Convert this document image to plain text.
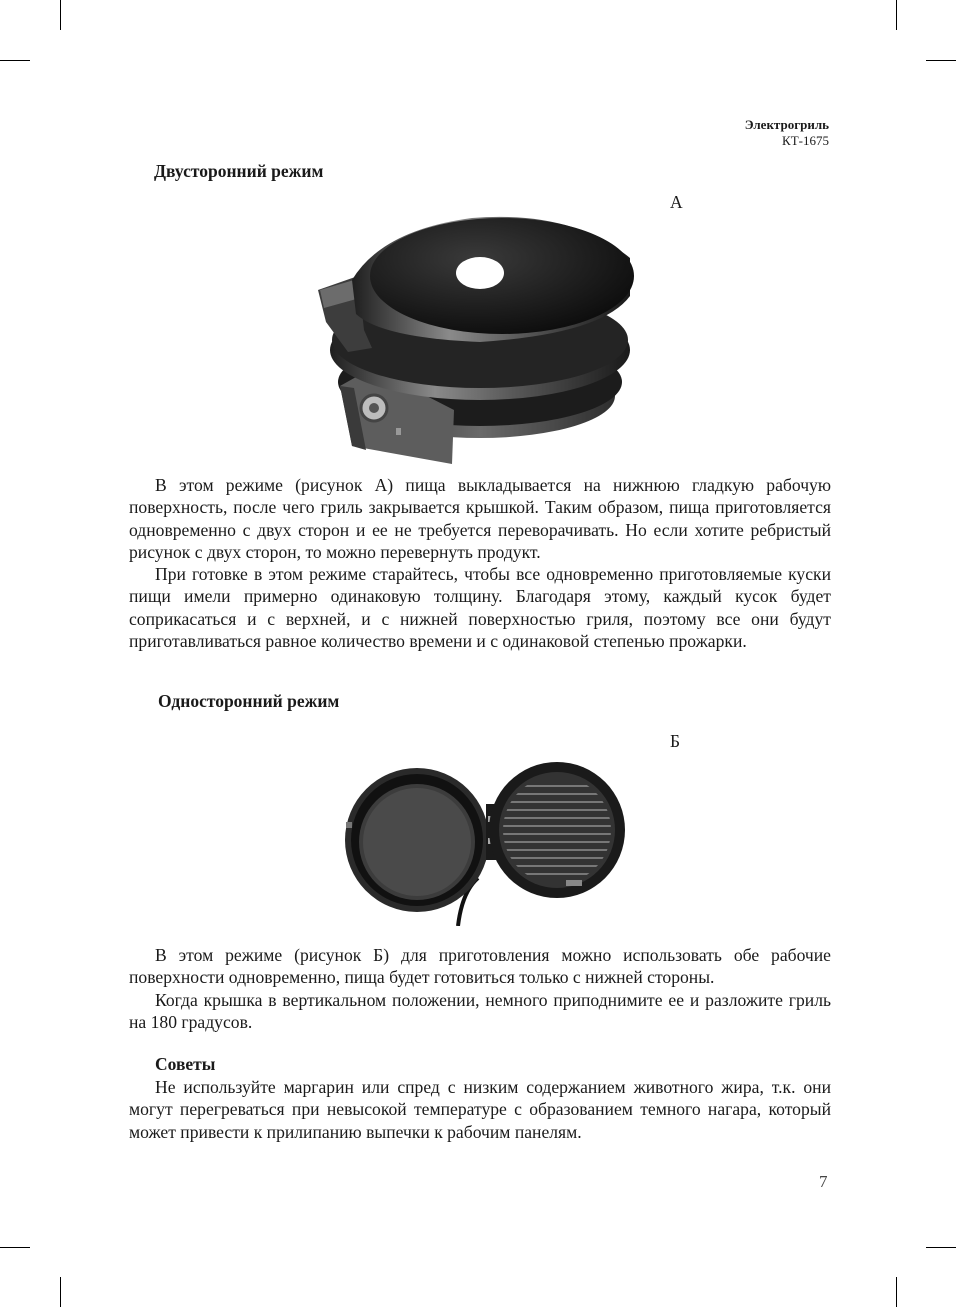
Электрогриль
КТ-1675
Двусторонний режим
А

В этом режиме (рисунок А) пища выкладывается на нижнюю гладкую рабочую поверхность, после чего гриль закрывается крышкой. Таким образом, пища приготовляется одновременно с двух сторон и ее не требуется переворачивать. Но если хотите ребристый рисунок с двух сторон, то можно перевернуть продукт.

При готовке в этом режиме старайтесь, чтобы все одновременно приготовляемые куски пищи имели примерно одинаковую толщину. Благодаря этому, каждый кусок будет соприкасаться и с верхней, и с нижней поверхностью гриля, поэтому все они будут приготавливаться равное количество времени и с одинаковой степенью прожарки.

Односторонний режим
Б

В этом режиме (рисунок Б) для приготовления можно использовать обе рабочие поверхности одновременно, пища будет готовиться только с нижней стороны.

Когда крышка в вертикальном положении, немного приподнимите ее и разложите гриль на 180 градусов.

Советы

Не используйте маргарин или спред с низким содержанием животного жира, т.к. они могут перегреваться при невысокой температуре с образованием темного нагара, который может привести к прилипанию выпечки к рабочим панелям.

7
